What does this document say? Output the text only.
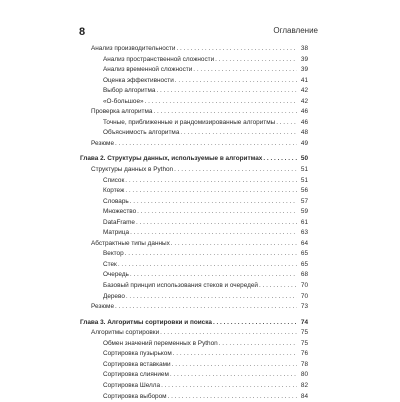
8	Оглавление
Анализ производительности . . .	38
Анализ пространственной сложности . . .	39
Анализ временной сложности . . .	39
Оценка эффективности . . .	41
Выбор алгоритма . . .	42
«О-большое» . . .	42
Проверка алгоритма . . .	46
Точные, приближенные и рандомизированные алгоритмы . . .	46
Объяснимость алгоритма . . .	48
Резюме . . .	49
Глава 2. Структуры данных, используемые в алгоритмах . . .	50
Структуры данных в Python . . .	51
Список . . .	51
Кортеж . . .	56
Словарь . . .	57
Множество . . .	59
DataFrame . . .	61
Матрица . . .	63
Абстрактные типы данных . . .	64
Вектор . . .	65
Стек . . .	65
Очередь . . .	68
Базовый принцип использования стеков и очередей . . .	70
Дерево . . .	70
Резюме . . .	73
Глава 3. Алгоритмы сортировки и поиска . . .	74
Алгоритмы сортировки . . .	75
Обмен значений переменных в Python . . .	75
Сортировка пузырьком . . .	76
Сортировка вставками . . .	78
Сортировка слиянием . . .	80
Сортировка Шелла . . .	82
Сортировка выбором . . .	84
